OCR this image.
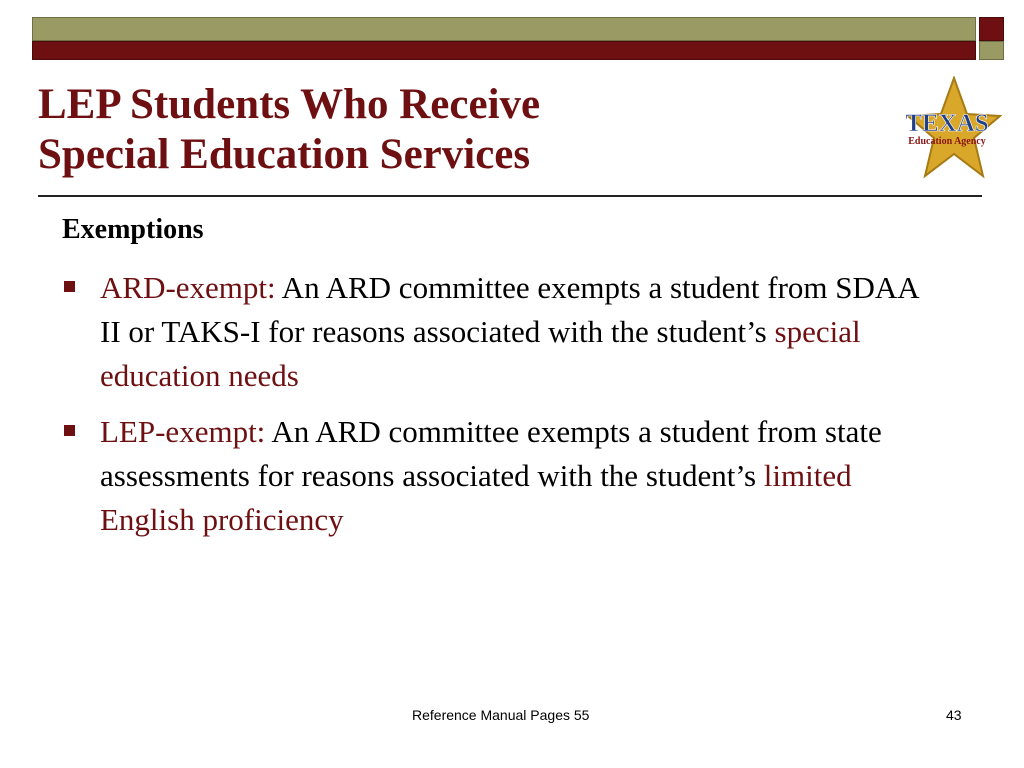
LEP Students Who Receive
Special Education Services
TEXAS
Education Agency
Exemptions
ARD-exempt: An ARD committee exempts a student from SDAA II or TAKS-I for reasons associated with the student’s special education needs
LEP-exempt: An ARD committee exempts a student from state assessments for reasons associated with the student’s limited English proficiency
Reference Manual Pages 55	43
